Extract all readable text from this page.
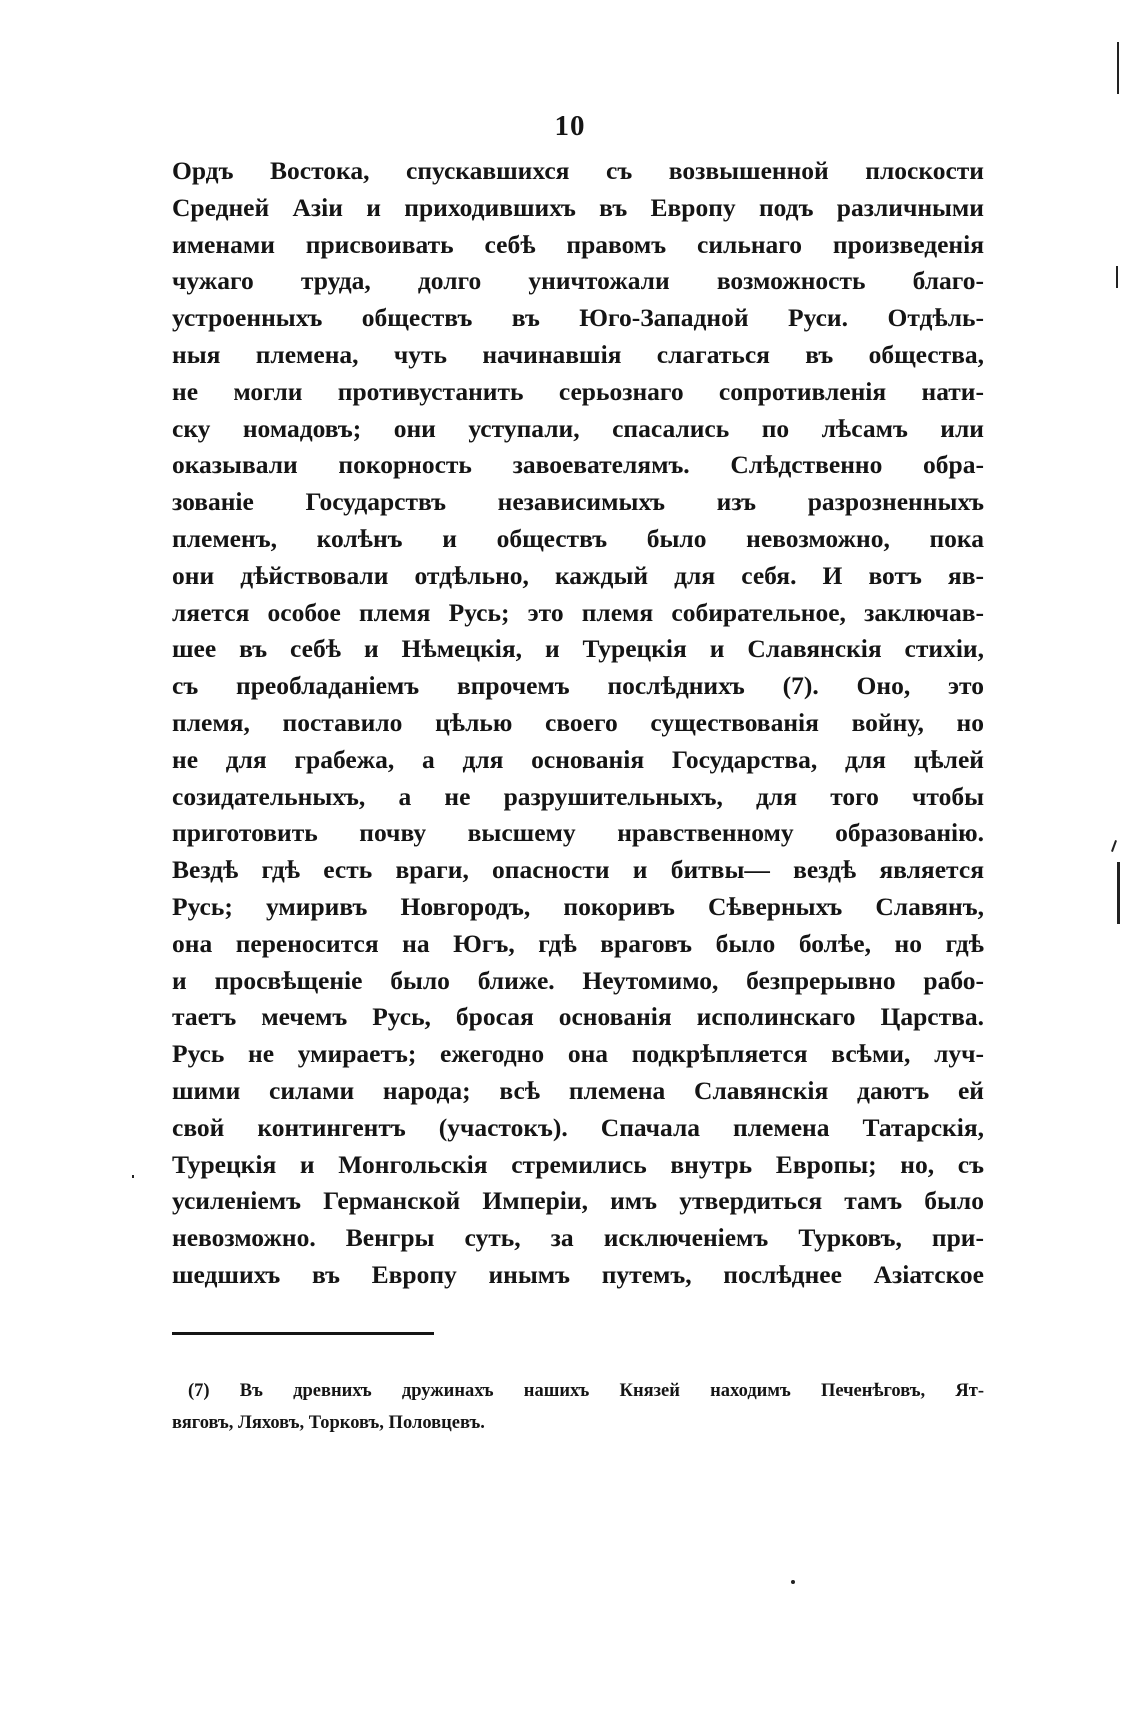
10
Ордъ Востока, спускавшихся съ возвышенной плоскости
Средней Азіи и приходившихъ въ Европу подъ различными
именами присвоивать себѣ правомъ сильнаго произведенія
чужаго труда, долго уничтожали возможность благо-
устроенныхъ обществъ въ Юго-Западной Руси. Отдѣль-
ныя племена, чуть начинавшія слагаться въ общества,
не могли противустанить серьознаго сопротивленія нати-
ску номадовъ; они уступали, спасались по лѣсамъ или
оказывали покорность завоевателямъ. Слѣдственно обра-
зованіе Государствъ независимыхъ изъ разрозненныхъ
племенъ, колѣнъ и обществъ было невозможно, пока
они дѣйствовали отдѣльно, каждый для себя. И вотъ яв-
ляется особое племя Русь; это племя собирательное, заключав-
шее въ себѣ и Нѣмецкія, и Турецкія и Славянскія стихіи,
съ преобладаніемъ впрочемъ послѣднихъ (7). Оно, это
племя, поставило цѣлью своего существованія войну, но
не для грабежа, а для основанія Государства, для цѣлей
созидательныхъ, а не разрушительныхъ, для того чтобы
приготовить почву высшему нравственному образованію.
Вездѣ гдѣ есть враги, опасности и битвы— вездѣ является
Русь; умиривъ Новгородъ, покоривъ Сѣверныхъ Славянъ,
она переносится на Югъ, гдѣ враговъ было болѣе, но гдѣ
и просвѣщеніе было ближе. Неутомимо, безпрерывно рабо-
таетъ мечемъ Русь, бросая основанія исполинскаго Царства.
Русь не умираетъ; ежегодно она подкрѣпляется всѣми, луч-
шими силами народа; всѣ племена Славянскія даютъ ей
свой контингентъ (участокъ). Спачала племена Татарскія,
Турецкія и Монгольскія стремились внутрь Европы; но, съ
усиленіемъ Германской Имперіи, имъ утвердиться тамъ было
невозможно. Венгры суть, за исключеніемъ Турковъ, при-
шедшихъ въ Европу инымъ путемъ, послѣднее Азіатское
(7) Въ древнихъ дружинахъ нашихъ Князей находимъ Печенѣговъ, Ят-
вяговъ, Ляховъ, Торковъ, Половцевъ.
